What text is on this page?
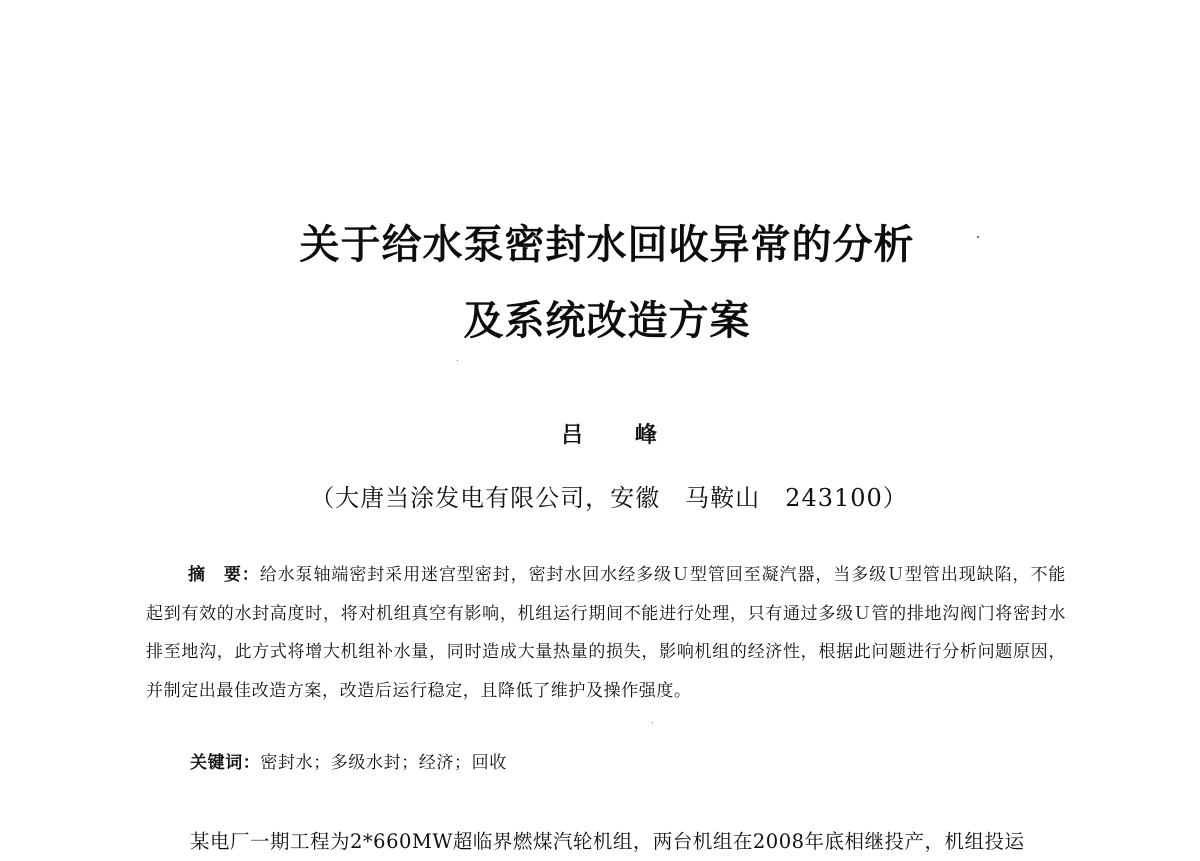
关于给水泵密封水回收异常的分析
及系统改造方案
吕 峰
（大唐当涂发电有限公司，安徽　马鞍山　243100）
摘　要：给水泵轴端密封采用迷宫型密封，密封水回水经多级Ｕ型管回至凝汽器，当多级Ｕ型管出现缺陷，不能起到有效的水封高度时，将对机组真空有影响，机组运行期间不能进行处理，只有通过多级Ｕ管的排地沟阀门将密封水排至地沟，此方式将增大机组补水量，同时造成大量热量的损失，影响机组的经济性，根据此问题进行分析问题原因，并制定出最佳改造方案，改造后运行稳定，且降低了维护及操作强度。
关键词：密封水；多级水封；经济；回收
某电厂一期工程为2*660MW超临界燃煤汽轮机组，两台机组在2008年底相继投产，机组投运
